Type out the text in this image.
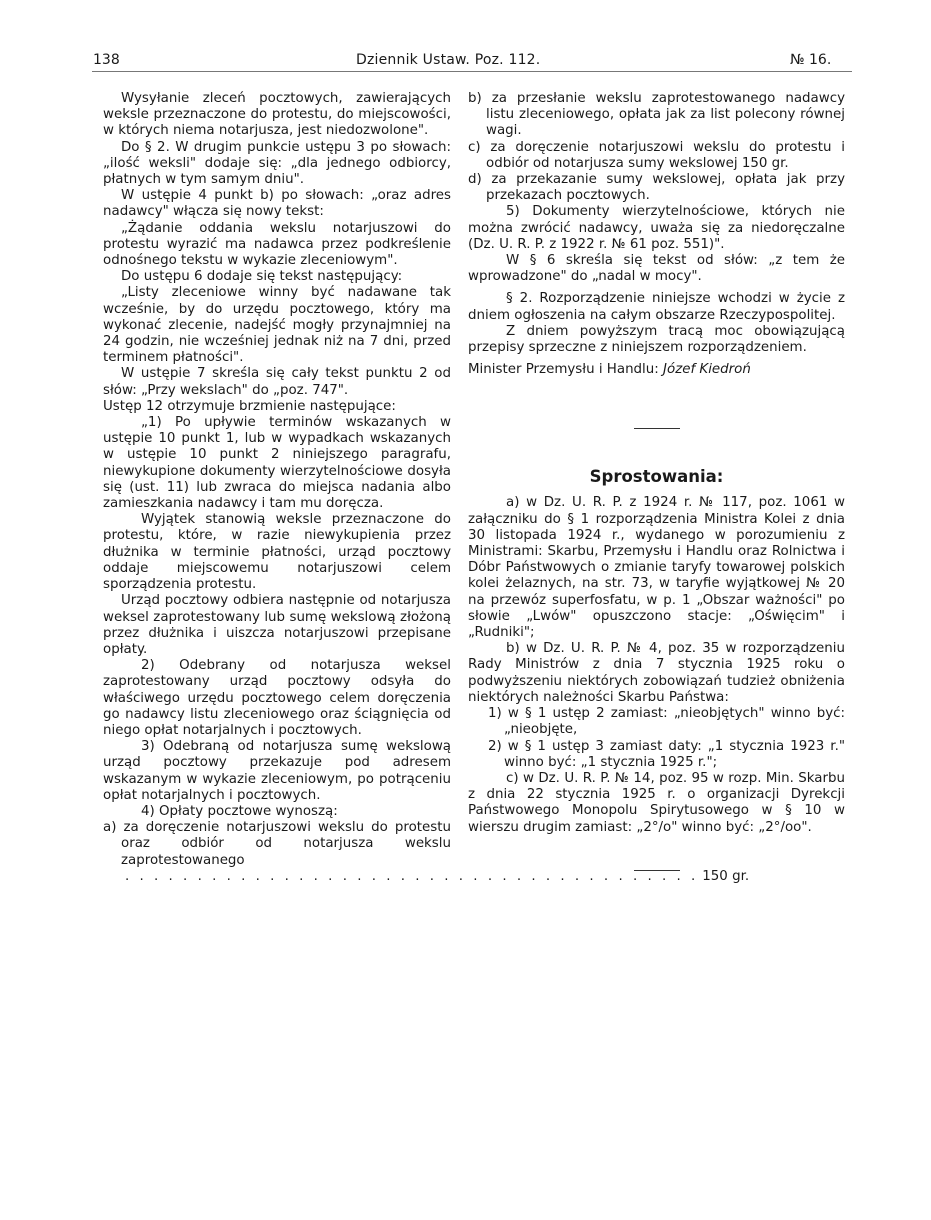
138	Dziennik Ustaw. Poz. 112.	№ 16.

Wysyłanie zleceń pocztowych, zawierających weksle przeznaczone do protestu, do miejscowości, w których niema notarjusza, jest niedozwolone".

Do § 2. W drugim punkcie ustępu 3 po słowach: „ilość weksli" dodaje się: „dla jednego odbiorcy, płatnych w tym samym dniu".

W ustępie 4 punkt b) po słowach: „oraz adres nadawcy" włącza się nowy tekst:

„Żądanie oddania wekslu notarjuszowi do protestu wyrazić ma nadawca przez podkreślenie odnośnego tekstu w wykazie zleceniowym".

Do ustępu 6 dodaje się tekst następujący:

„Listy zleceniowe winny być nadawane tak wcześnie, by do urzędu pocztowego, który ma wykonać zlecenie, nadejść mogły przynajmniej na 24 godzin, nie wcześniej jednak niż na 7 dni, przed terminem płatności".

W ustępie 7 skreśla się cały tekst punktu 2 od słów: „Przy wekslach" do „poz. 747".

Ustęp 12 otrzymuje brzmienie następujące:

„1) Po upływie terminów wskazanych w ustępie 10 punkt 1, lub w wypadkach wskazanych w ustępie 10 punkt 2 niniejszego paragrafu, niewykupione dokumenty wierzytelnościowe dosyła się (ust. 11) lub zwraca do miejsca nadania albo zamieszkania nadawcy i tam mu doręcza.

Wyjątek stanowią weksle przeznaczone do protestu, które, w razie niewykupienia przez dłużnika w terminie płatności, urząd pocztowy oddaje miejscowemu notarjuszowi celem sporządzenia protestu.

Urząd pocztowy odbiera następnie od notarjusza weksel zaprotestowany lub sumę wekslową złożoną przez dłużnika i uiszcza notarjuszowi przepisane opłaty.

2) Odebrany od notarjusza weksel zaprotestowany urząd pocztowy odsyła do właściwego urzędu pocztowego celem doręczenia go nadawcy listu zleceniowego oraz ściągnięcia od niego opłat notarjalnych i pocztowych.

3) Odebraną od notarjusza sumę wekslową urząd pocztowy przekazuje pod adresem wskazanym w wykazie zleceniowym, po potrąceniu opłat notarjalnych i pocztowych.

4) Opłaty pocztowe wynoszą:

a) za doręczenie notarjuszowi wekslu do protestu oraz odbiór od notarjusza wekslu zaprotestowanego

. . . . . . . . . . . . . . . . . . . . . . . . . . . . . . . . . . . . . . . . 150 gr.

b) za przesłanie wekslu zaprotestowanego nadawcy listu zleceniowego, opłata jak za list polecony równej wagi.

c) za doręczenie notarjuszowi wekslu do protestu i odbiór od notarjusza sumy wekslowej 150 gr.

d) za przekazanie sumy wekslowej, opłata jak przy przekazach pocztowych.

5) Dokumenty wierzytelnościowe, których nie można zwrócić nadawcy, uważa się za niedoręczalne (Dz. U. R. P. z 1922 r. № 61 poz. 551)".

W § 6 skreśla się tekst od słów: „z tem że wprowadzone" do „nadal w mocy".

§ 2. Rozporządzenie niniejsze wchodzi w życie z dniem ogłoszenia na całym obszarze Rzeczypospolitej.

Z dniem powyższym tracą moc obowiązującą przepisy sprzeczne z niniejszem rozporządzeniem.

Minister Przemysłu i Handlu: Józef Kiedroń

Sprostowania:

a) w Dz. U. R. P. z 1924 r. № 117, poz. 1061 w załączniku do § 1 rozporządzenia Ministra Kolei z dnia 30 listopada 1924 r., wydanego w porozumieniu z Ministrami: Skarbu, Przemysłu i Handlu oraz Rolnictwa i Dóbr Państwowych o zmianie taryfy towarowej polskich kolei żelaznych, na str. 73, w taryfie wyjątkowej № 20 na przewóz superfosfatu, w p. 1 „Obszar ważności" po słowie „Lwów" opuszczono stacje: „Oświęcim" i „Rudniki";

b) w Dz. U. R. P. № 4, poz. 35 w rozporządzeniu Rady Ministrów z dnia 7 stycznia 1925 roku o podwyższeniu niektórych zobowiązań tudzież obniżenia niektórych należności Skarbu Państwa:

1) w § 1 ustęp 2 zamiast: „nieobjętych" winno być: „nieobjęte,

2) w § 1 ustęp 3 zamiast daty: „1 stycznia 1923 r." winno być: „1 stycznia 1925 r.";

c) w Dz. U. R. P. № 14, poz. 95 w rozp. Min. Skarbu z dnia 22 stycznia 1925 r. o organizacji Dyrekcji Państwowego Monopolu Spirytusowego w § 10 w wierszu drugim zamiast: „2°/o" winno być: „2°/oo".
